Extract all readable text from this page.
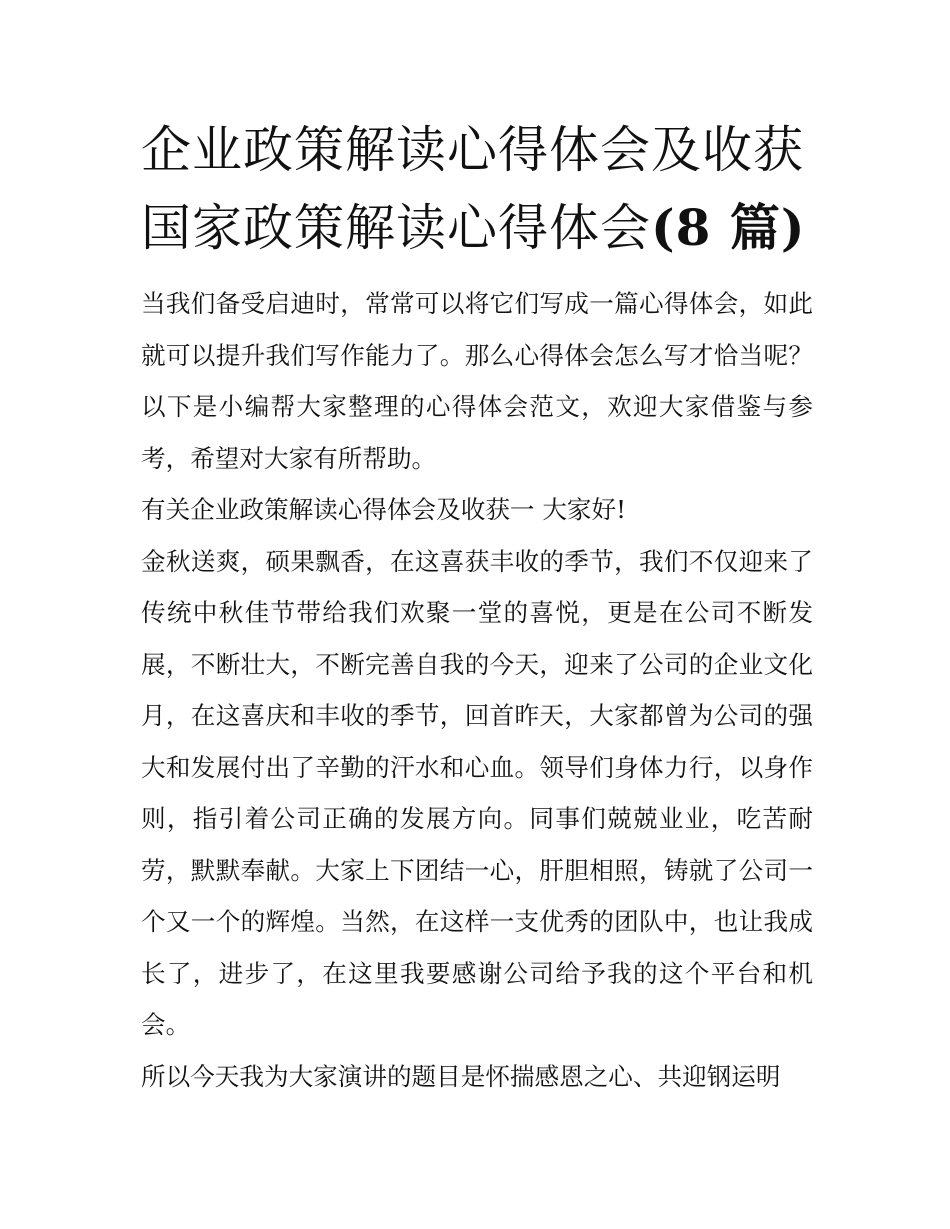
企业政策解读心得体会及收获
国家政策解读心得体会(8 篇)

当我们备受启迪时，常常可以将它们写成一篇心得体会，如此就可以提升我们写作能力了。那么心得体会怎么写才恰当呢？以下是小编帮大家整理的心得体会范文，欢迎大家借鉴与参考，希望对大家有所帮助。

有关企业政策解读心得体会及收获一 大家好!

金秋送爽，硕果飘香，在这喜获丰收的季节，我们不仅迎来了传统中秋佳节带给我们欢聚一堂的喜悦，更是在公司不断发展，不断壮大，不断完善自我的今天，迎来了公司的企业文化月，在这喜庆和丰收的季节，回首昨天，大家都曾为公司的强大和发展付出了辛勤的汗水和心血。领导们身体力行，以身作则，指引着公司正确的发展方向。同事们兢兢业业，吃苦耐劳，默默奉献。大家上下团结一心，肝胆相照，铸就了公司一个又一个的辉煌。当然，在这样一支优秀的团队中，也让我成长了，进步了，在这里我要感谢公司给予我的这个平台和机会。

所以今天我为大家演讲的题目是怀揣感恩之心、共迎钢运明
